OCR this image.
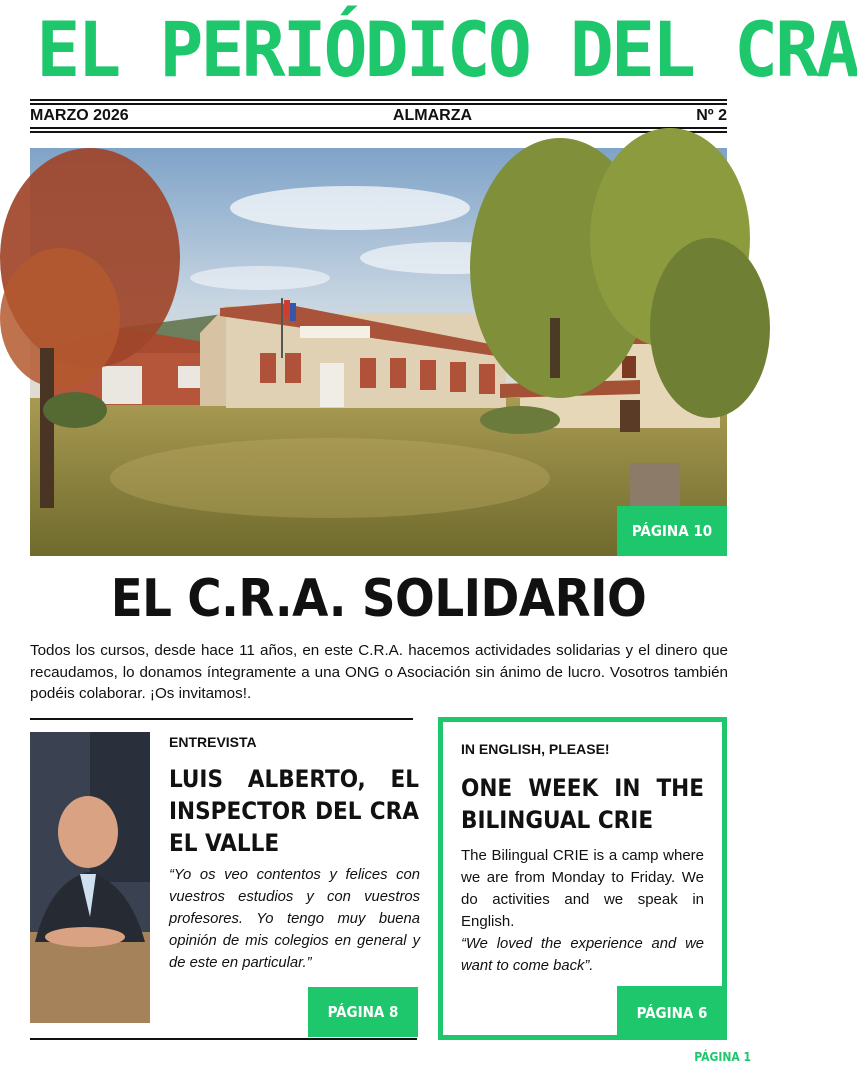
EL PERIÓDICO DEL CRA
MARZO 2026	ALMARZA	Nº 2
PÁGINA 10
EL C.R.A. SOLIDARIO

Todos los cursos, desde hace 11 años, en este C.R.A. hacemos actividades solidarias y el dinero que recaudamos, lo donamos íntegramente a una ONG o Asociación sin ánimo de lucro. Vosotros también podéis colaborar. ¡Os invitamos!.

ENTREVISTA
LUIS ALBERTO, EL INSPECTOR DEL CRA EL VALLE

“Yo os veo contentos y felices con vuestros estudios y con vuestros profesores. Yo tengo muy buena opinión de mis colegios en general y de este en particular.”

PÁGINA 8
IN ENGLISH, PLEASE!
ONE WEEK IN THE BILINGUAL CRIE

The Bilingual CRIE is a camp where we are from Monday to Friday. We do activities and we speak in English.

“We loved the experience and we want to come back”.

PÁGINA 6
PÁGINA 1
